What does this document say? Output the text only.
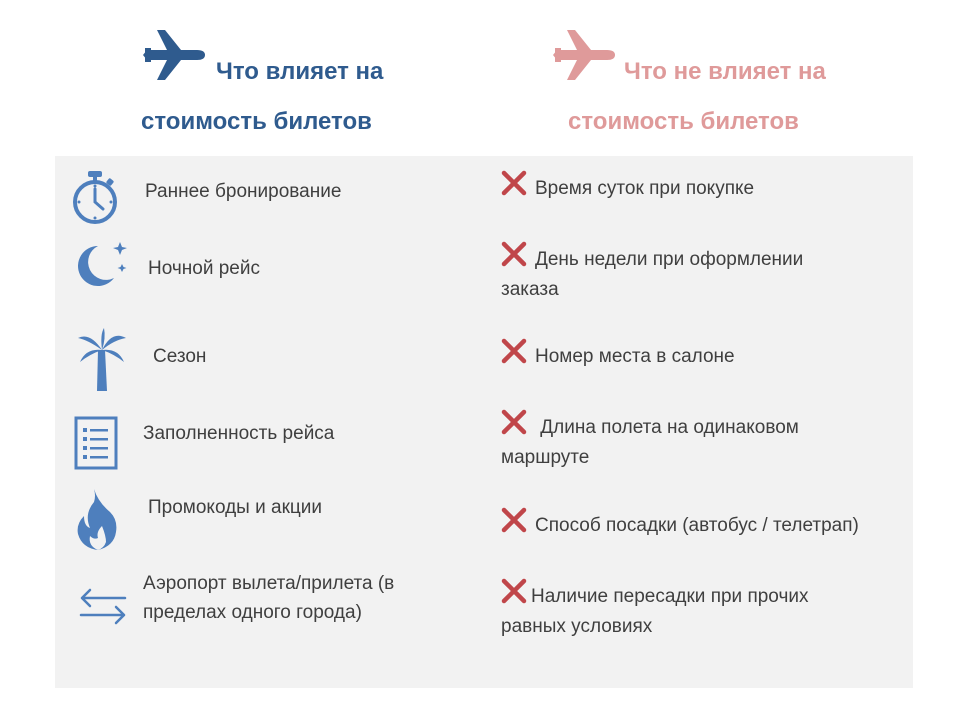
Что влияет на
стоимость билетов
Что не влияет на
стоимость билетов
Раннее бронирование
Ночной рейс
Сезон
Заполненность рейса
Промокоды и акции
Аэропорт вылета/прилета (в
пределах одного города)
Время суток при покупке
День недели при оформлении
заказа
Номер места в салоне
Длина полета на одинаковом
маршруте
Способ посадки (автобус / телетрап)
Наличие пересадки при прочих
равных условиях
